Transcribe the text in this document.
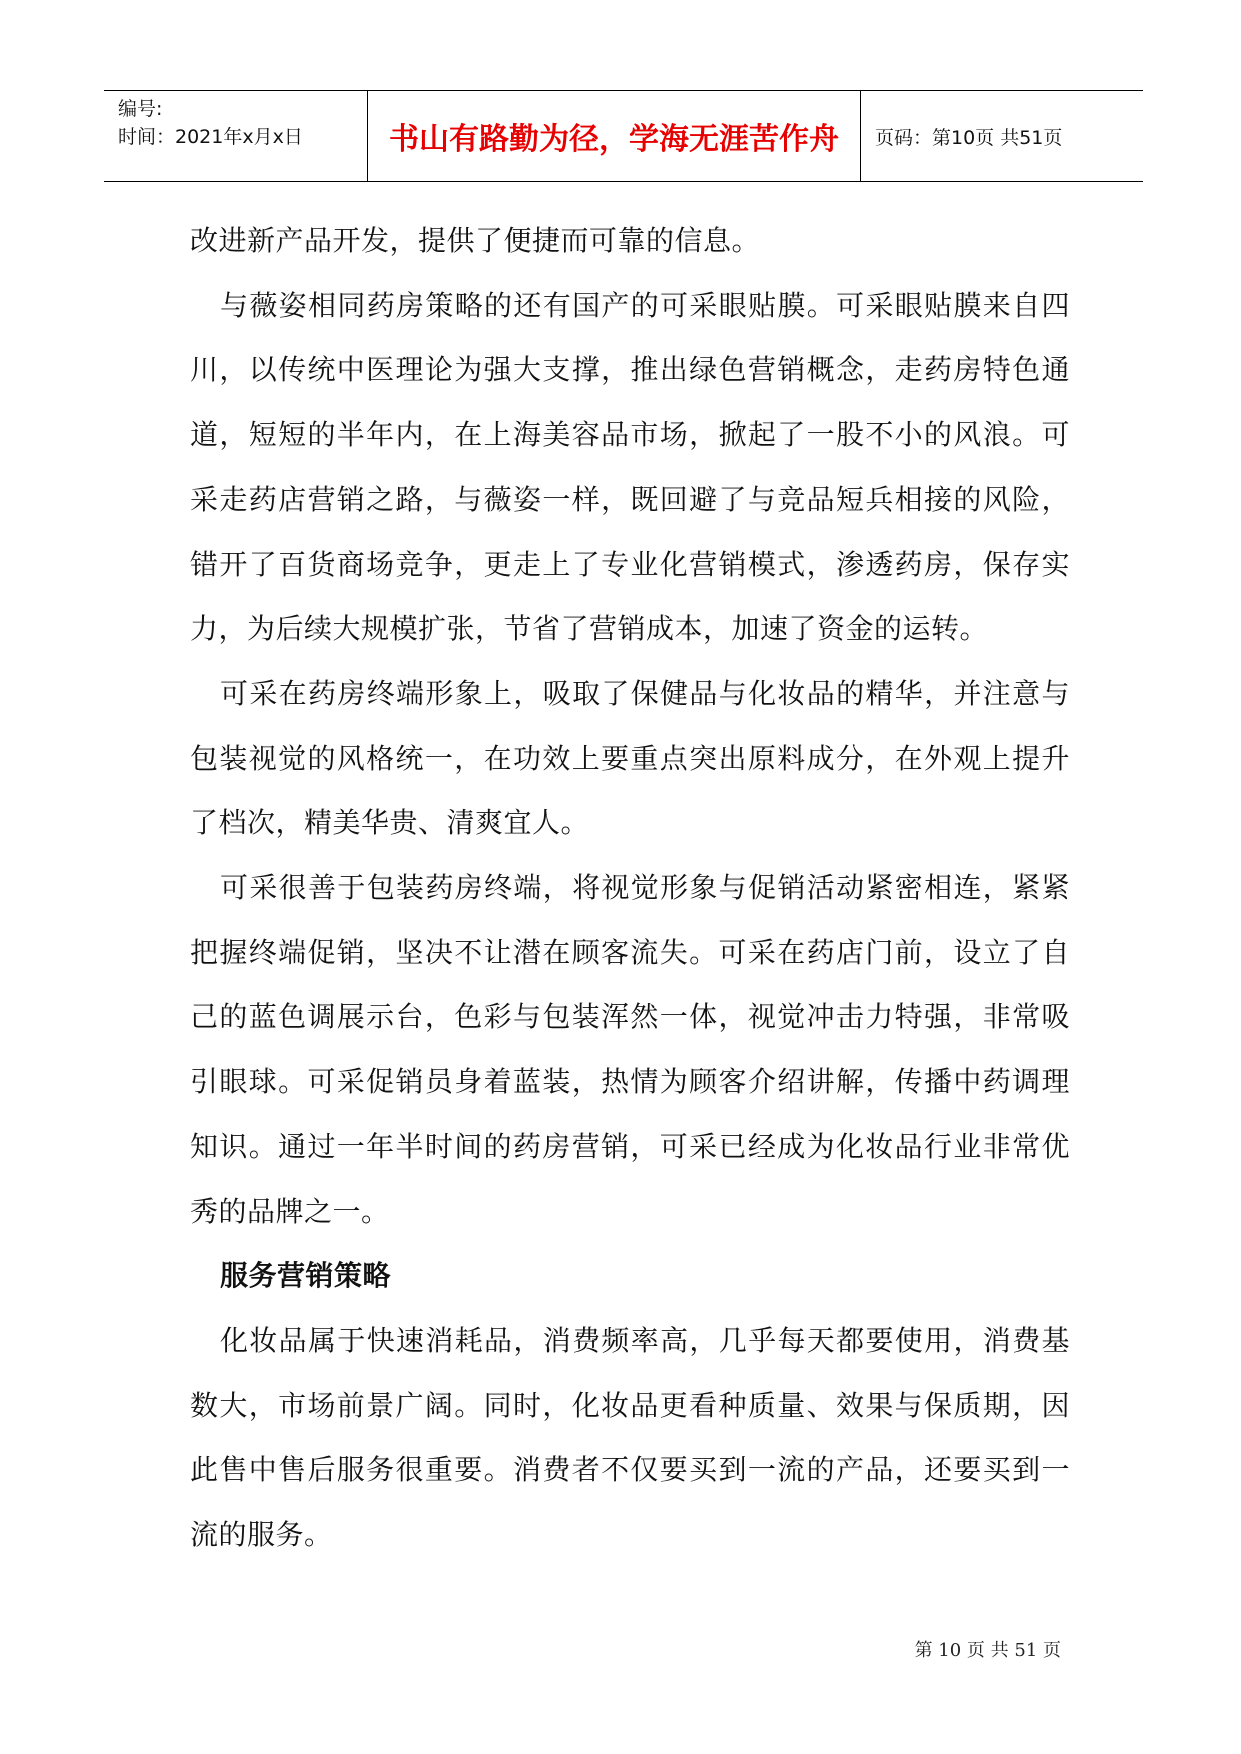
编号:
时间：2021年x月x日	书山有路勤为径，学海无涯苦作舟 页码：第10页 共51页

改进新产品开发，提供了便捷而可靠的信息。

与薇姿相同药房策略的还有国产的可采眼贴膜。可采眼贴膜来自四川，以传统中医理论为强大支撑，推出绿色营销概念，走药房特色通道，短短的半年内，在上海美容品市场，掀起了一股不小的风浪。可采走药店营销之路，与薇姿一样，既回避了与竞品短兵相接的风险，错开了百货商场竞争，更走上了专业化营销模式，渗透药房，保存实力，为后续大规模扩张，节省了营销成本，加速了资金的运转。

可采在药房终端形象上，吸取了保健品与化妆品的精华，并注意与包装视觉的风格统一，在功效上要重点突出原料成分，在外观上提升了档次，精美华贵、清爽宜人。

可采很善于包装药房终端，将视觉形象与促销活动紧密相连，紧紧把握终端促销，坚决不让潜在顾客流失。可采在药店门前，设立了自己的蓝色调展示台，色彩与包装浑然一体，视觉冲击力特强，非常吸引眼球。可采促销员身着蓝装，热情为顾客介绍讲解，传播中药调理知识。通过一年半时间的药房营销，可采已经成为化妆品行业非常优秀的品牌之一。

服务营销策略

化妆品属于快速消耗品，消费频率高，几乎每天都要使用，消费基数大，市场前景广阔。同时，化妆品更看种质量、效果与保质期，因此售中售后服务很重要。消费者不仅要买到一流的产品，还要买到一流的服务。

第 10 页 共 51 页
